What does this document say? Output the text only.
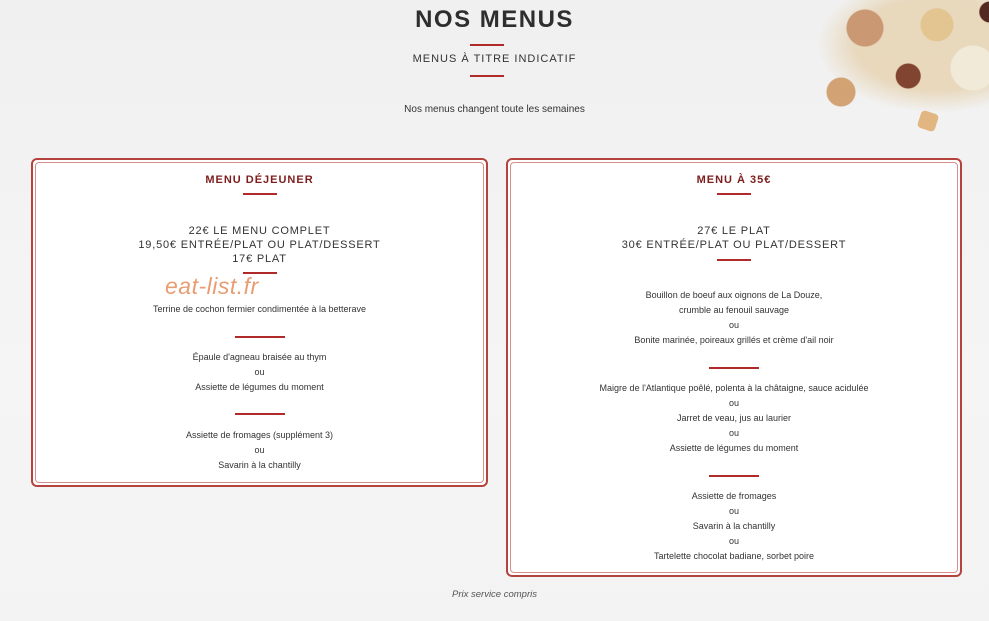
NOS MENUS
MENUS À TITRE INDICATIF
Nos menus changent toute les semaines
MENU DÉJEUNER
22€ LE MENU COMPLET
19,50€ ENTRÉE/PLAT OU PLAT/DESSERT
17€ PLAT
Terrine de cochon fermier condimentée à la betterave
Épaule d'agneau braisée au thym
ou
Assiette de légumes du moment
Assiette de fromages (supplément 3)
ou
Savarin à la chantilly
MENU À 35€
27€ LE PLAT
30€ ENTRÉE/PLAT OU PLAT/DESSERT
Bouillon de boeuf aux oignons de La Douze,
crumble au fenouil sauvage
ou
Bonite marinée, poireaux grillés et crème d'ail noir
Maigre de l'Atlantique poêlé, polenta à la châtaigne, sauce acidulée
ou
Jarret de veau, jus au laurier
ou
Assiette de légumes du moment
Assiette de fromages
ou
Savarin à la chantilly
ou
Tartelette chocolat badiane, sorbet poire
eat-list.fr
Prix service compris
